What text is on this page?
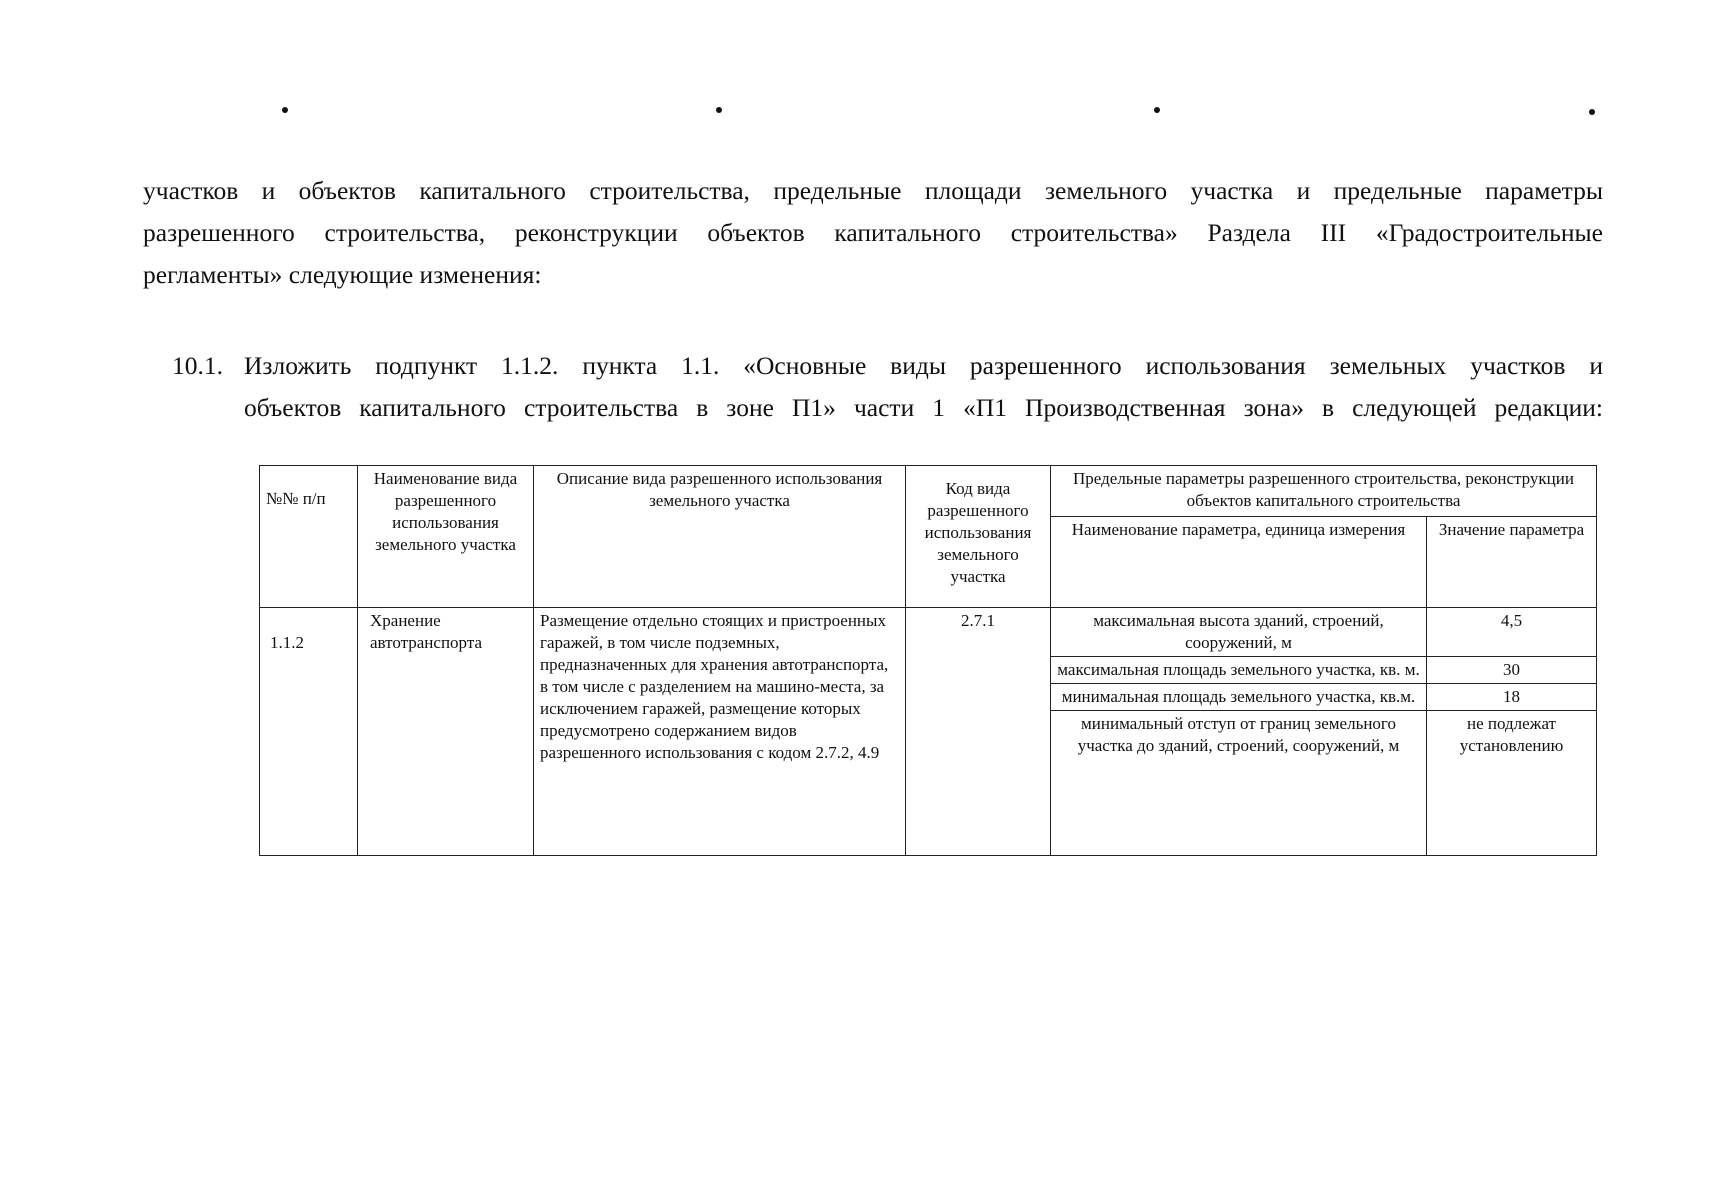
участков и объектов капитального строительства, предельные площади земельного участка и предельные параметры
разрешенного строительства, реконструкции объектов капитального строительства» Раздела III «Градостроительные
регламенты» следующие изменения:
10.1. Изложить подпункт 1.1.2. пункта 1.1. «Основные виды разрешенного использования земельных участков и
объектов капитального строительства в зоне П1» части 1 «П1 Производственная зона» в следующей редакции:
№№ п/п	Наименование вида разрешенного использования земельного участка	Описание вида разрешенного использования земельного участка	Код вида разрешенного использования земельного участка	Предельные параметры разрешенного строительства, реконструкции объектов капитального строительства	
				Наименование параметра, единица измерения	Значение параметра
1.1.2	Хранение автотранспорта	Размещение отдельно стоящих и пристроенных гаражей, в том числе подземных, предназначенных для хранения автотранспорта, в том числе с разделением на машино-места, за исключением гаражей, размещение которых предусмотрено содержанием видов разрешенного использования с кодом 2.7.2, 4.9	2.7.1	максимальная высота зданий, строений, сооружений, м	4,5
				максимальная площадь земельного участка, кв. м.	30
				минимальная площадь земельного участка, кв.м.	18
				минимальный отступ от границ земельного участка до зданий, строений, сооружений, м	не подлежат установлению
